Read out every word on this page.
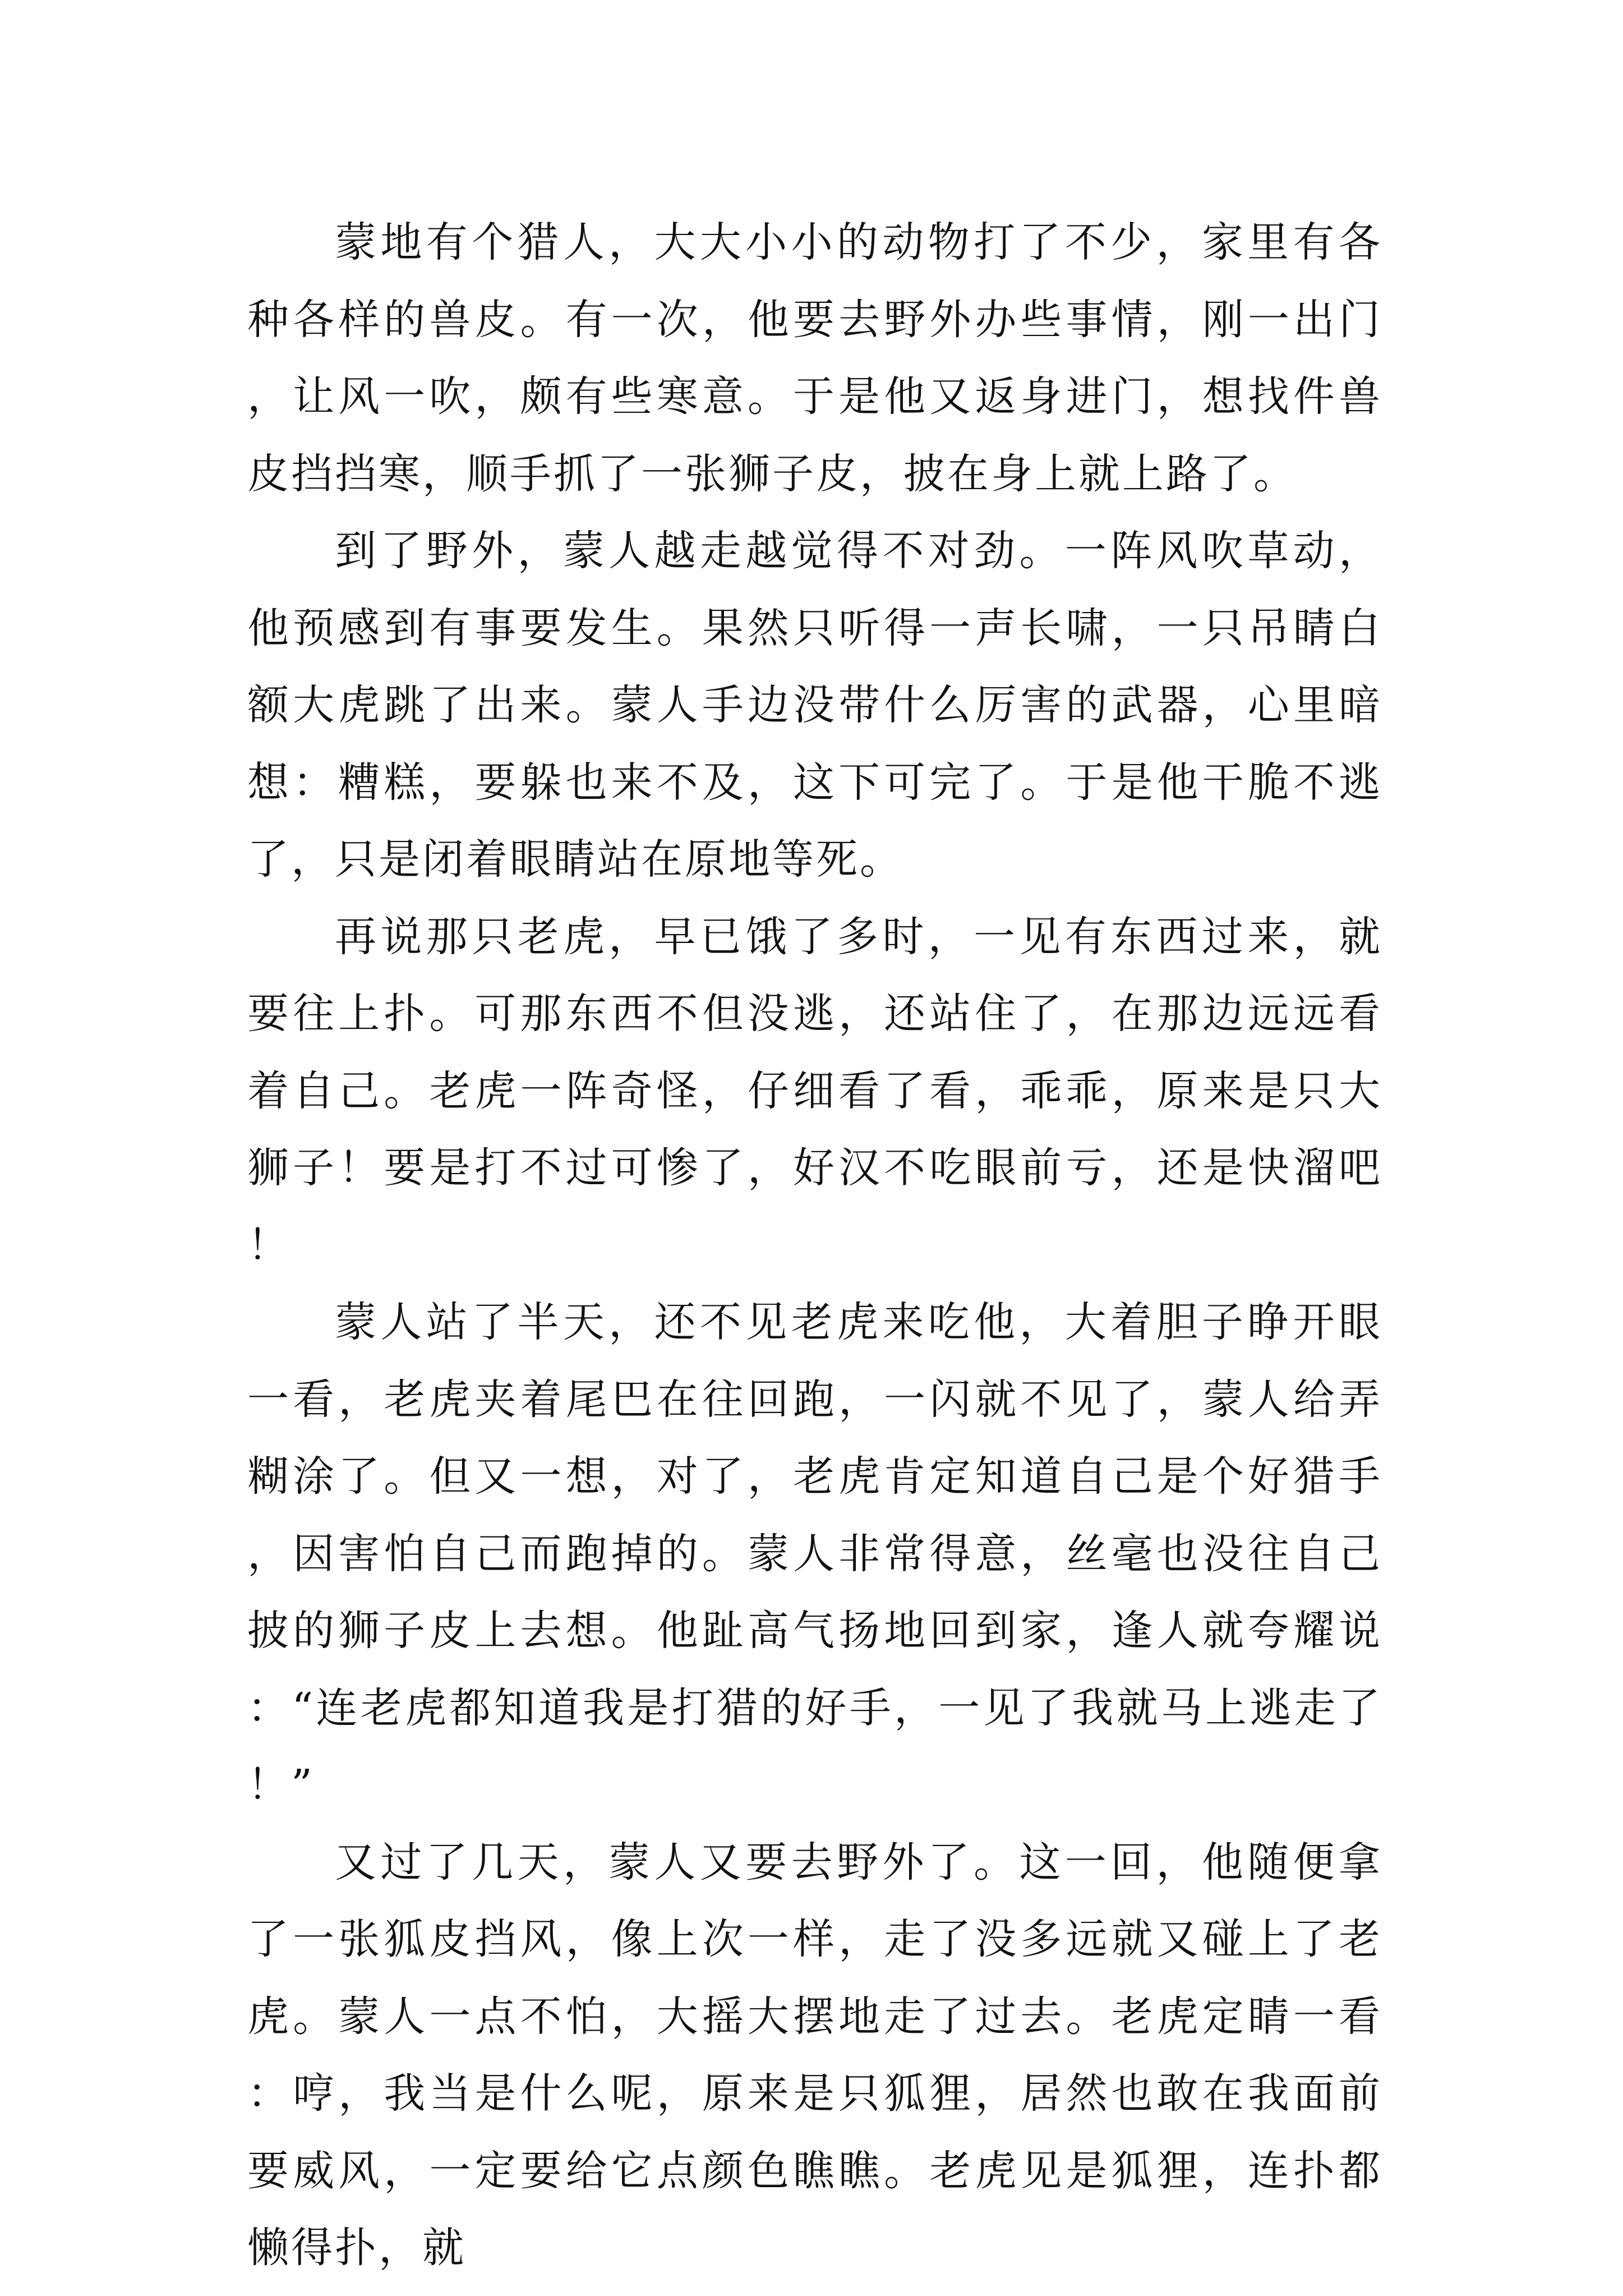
蒙地有个猎人，大大小小的动物打了不少，家里有各种各样的兽皮。有一次，他要去野外办些事情，刚一出门，让风一吹，颇有些寒意。于是他又返身进门，想找件兽皮挡挡寒，顺手抓了一张狮子皮，披在身上就上路了。

到了野外，蒙人越走越觉得不对劲。一阵风吹草动，他预感到有事要发生。果然只听得一声长啸，一只吊睛白额大虎跳了出来。蒙人手边没带什么厉害的武器，心里暗想：糟糕，要躲也来不及，这下可完了。于是他干脆不逃了，只是闭着眼睛站在原地等死。

再说那只老虎，早已饿了多时，一见有东西过来，就要往上扑。可那东西不但没逃，还站住了，在那边远远看着自己。老虎一阵奇怪，仔细看了看，乖乖，原来是只大狮子！要是打不过可惨了，好汉不吃眼前亏，还是快溜吧！

蒙人站了半天，还不见老虎来吃他，大着胆子睁开眼一看，老虎夹着尾巴在往回跑，一闪就不见了，蒙人给弄糊涂了。但又一想，对了，老虎肯定知道自己是个好猎手，因害怕自己而跑掉的。蒙人非常得意，丝毫也没往自己披的狮子皮上去想。他趾高气扬地回到家，逢人就夸耀说：“连老虎都知道我是打猎的好手，一见了我就马上逃走了！”

又过了几天，蒙人又要去野外了。这一回，他随便拿了一张狐皮挡风，像上次一样，走了没多远就又碰上了老虎。蒙人一点不怕，大摇大摆地走了过去。老虎定睛一看：哼，我当是什么呢，原来是只狐狸，居然也敢在我面前要威风，一定要给它点颜色瞧瞧。老虎见是狐狸，连扑都懒得扑，就
